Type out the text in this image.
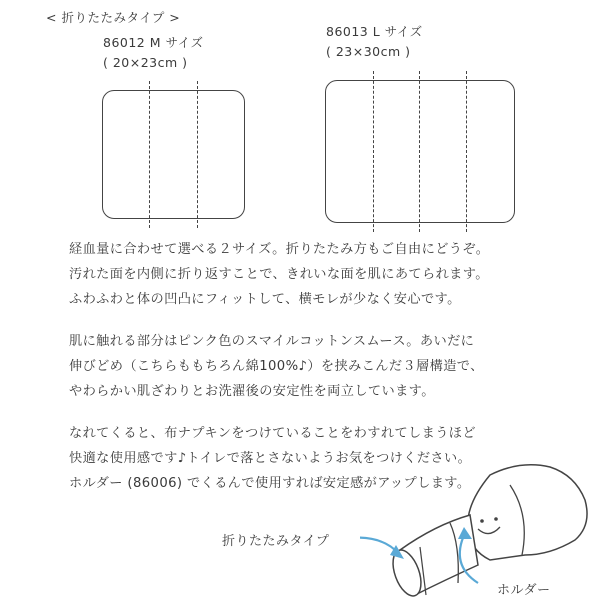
< 折りたたみタイプ >
86012 M サイズ
( 20×23cm )
86013 L サイズ
( 23×30cm )
経血量に合わせて選べる２サイズ。折りたたみ方もご自由にどうぞ。
汚れた面を内側に折り返すことで、きれいな面を肌にあてられます。
ふわふわと体の凹凸にフィットして、横モレが少なく安心です。
肌に触れる部分はピンク色のスマイルコットンスムース。あいだに
伸びどめ（こちらももちろん綿100%♪）を挟みこんだ３層構造で、
やわらかい肌ざわりとお洗濯後の安定性を両立しています。
なれてくると、布ナプキンをつけていることをわすれてしまうほど
快適な使用感です♪トイレで落とさないようお気をつけください。
ホルダー (86006) でくるんで使用すれば安定感がアップします。
折りたたみタイプ
ホルダー
